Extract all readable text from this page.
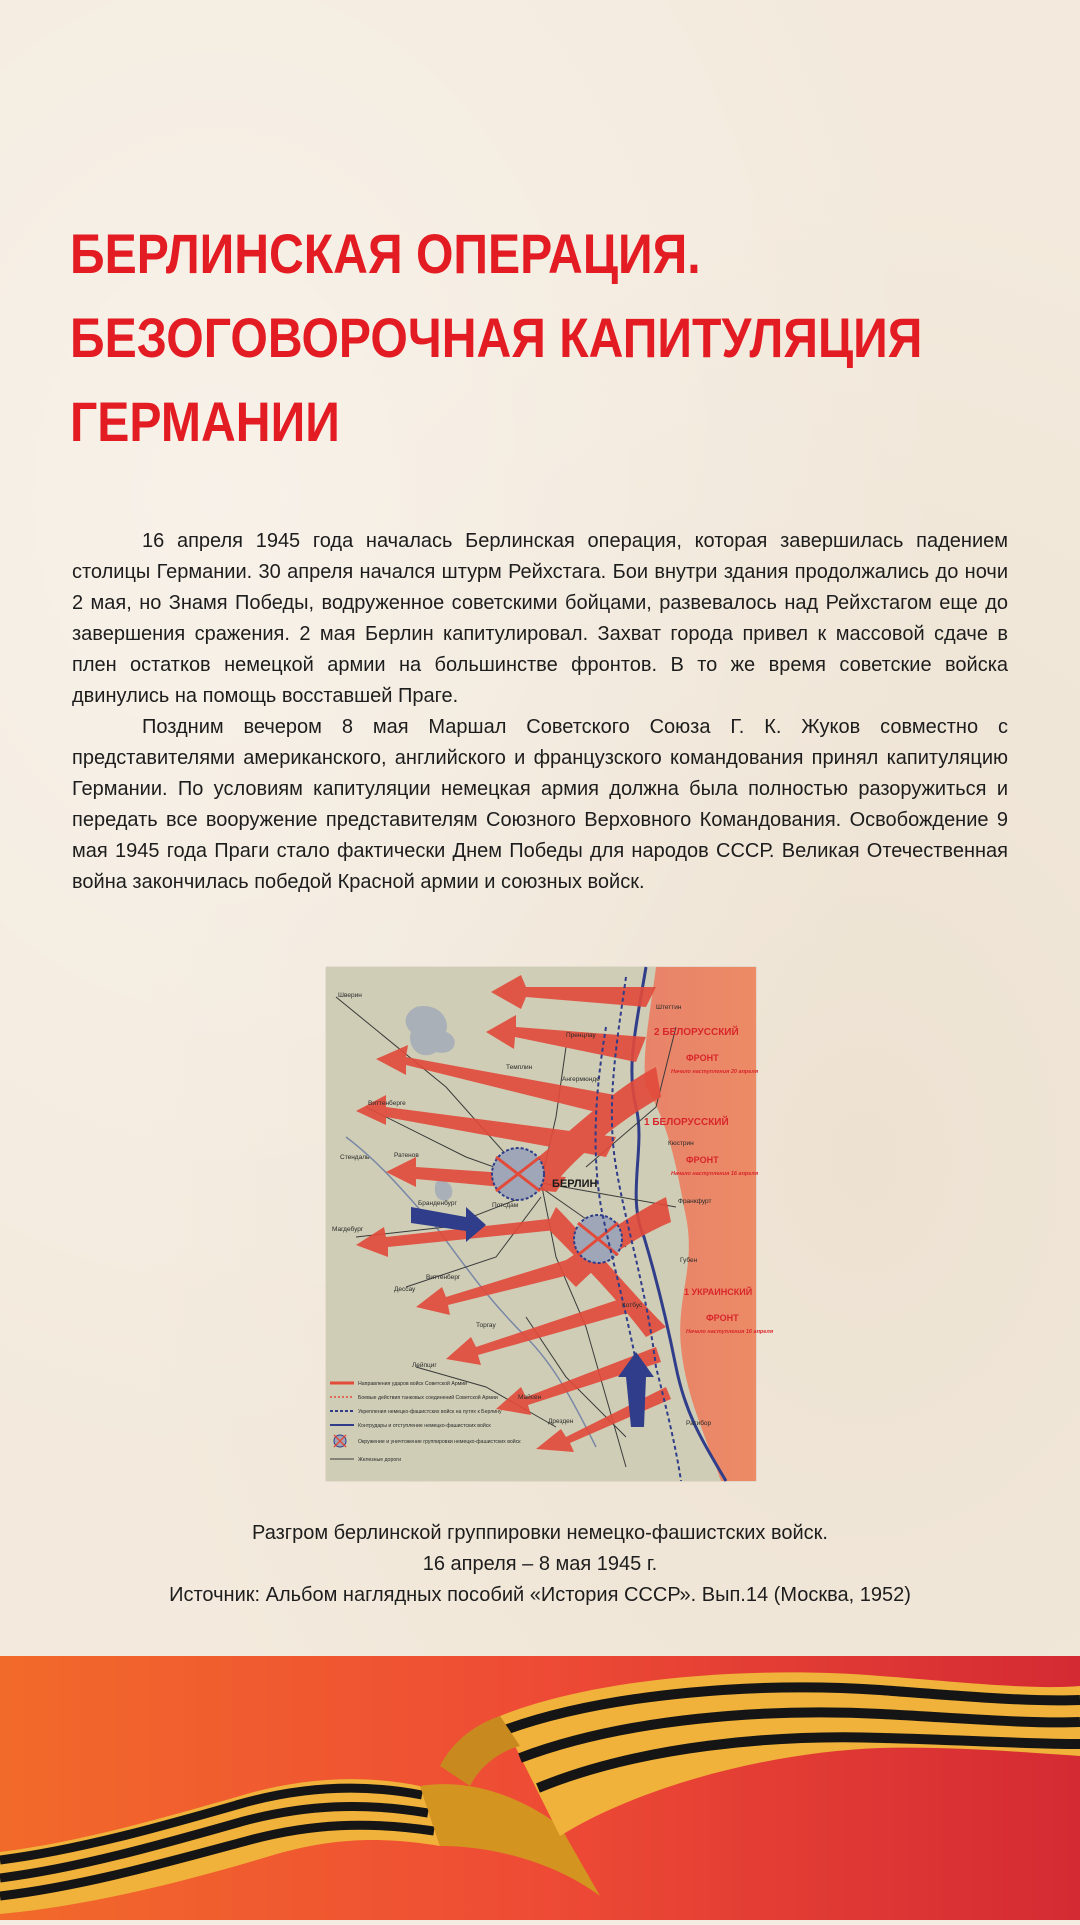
БЕРЛИНСКАЯ ОПЕРАЦИЯ.
БЕЗОГОВОРОЧНАЯ КАПИТУЛЯЦИЯ
ГЕРМАНИИ

16 апреля 1945 года началась Берлинская операция, которая завершилась падением столицы Германии. 30 апреля начался штурм Рейхстага. Бои внутри здания продолжались до ночи 2 мая, но Знамя Победы, водруженное советскими бойцами, развевалось над Рейхстагом еще до завершения сражения. 2 мая Берлин капитулировал. Захват города привел к массовой сдаче в плен остатков немецкой армии на большинстве фронтов. В то же время советские войска двинулись на помощь восставшей Праге.

Поздним вечером 8 мая Маршал Советского Союза Г. К. Жуков совместно с представителями американского, английского и французского командования принял капитуляцию Германии. По условиям капитуляции немецкая армия должна была полностью разоружиться и передать все вооружение представителям Союзного Верховного Командования. Освобождение 9 мая 1945 года Праги стало фактически Днем Победы для народов СССР. Великая Отечественная война закончилась победой Красной армии и союзных войск.

Шверин
Пренцлау
Штеттин
Темплин
Ангермюнде
Виттенберге
Стендаль	Ратенов
Бранденбург	Потсдам
Магдебург
Виттенберг
Дессау
Торгау
Лейпциг
Майсен
Дрезден
Котбус
Губен
Франкфурт
Кюстрин
Ратибор
БЕРЛИН
2 БЕЛОРУССКИЙ
ФРОНТ
Начало наступления 20 апреля
1 БЕЛОРУССКИЙ
ФРОНТ
Начало наступления 16 апреля
1 УКРАИНСКИЙ
ФРОНТ
Начало наступления 16 апреля
Направления ударов войск Советской Армии
Боевые действия танковых соединений Советской Армии
Укрепления немецко-фашистских войск на путях к Берлину
Контрудары и отступление немецко-фашистских войск
Окружение и уничтожение группировки немецко-фашистских войск
Железные дороги
Разгром берлинской группировки немецко-фашистских войск.
16 апреля – 8 мая 1945 г.
Источник: Альбом наглядных пособий «История СССР». Вып.14 (Москва, 1952)
